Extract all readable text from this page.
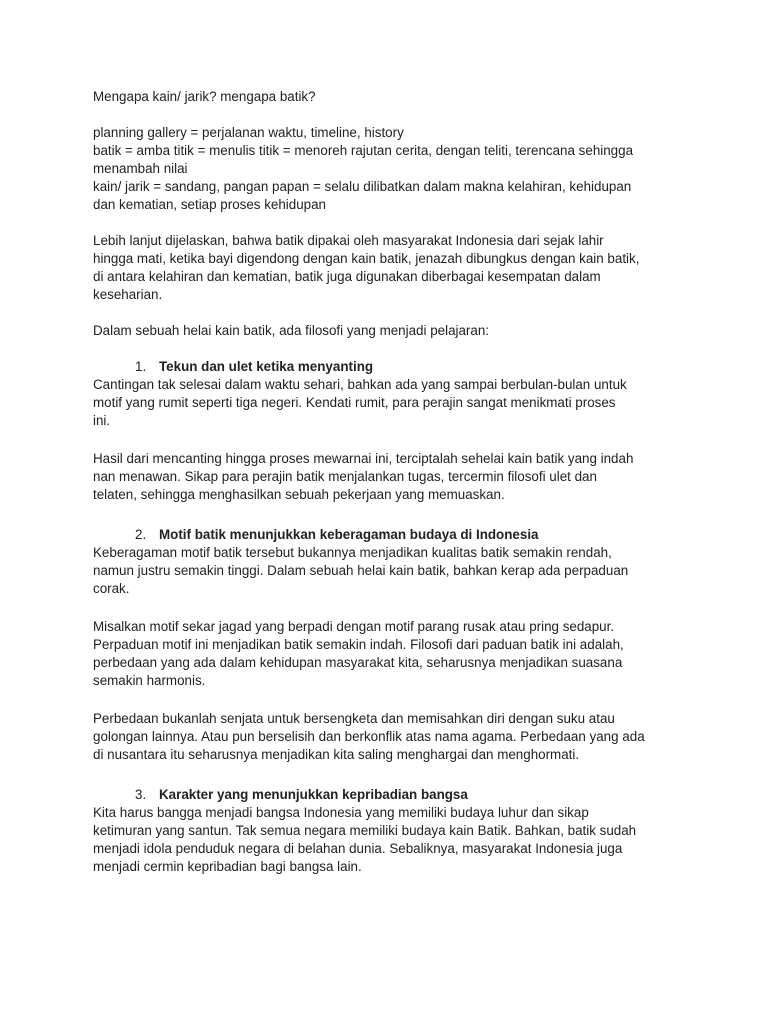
Mengapa kain/ jarik? mengapa batik?

planning gallery = perjalanan waktu, timeline, history
batik = amba titik = menulis titik = menoreh rajutan cerita, dengan teliti, terencana sehingga
menambah nilai
kain/ jarik = sandang, pangan papan = selalu dilibatkan dalam makna kelahiran, kehidupan
dan kematian, setiap proses kehidupan

Lebih lanjut dijelaskan, bahwa batik dipakai oleh masyarakat Indonesia dari sejak lahir
hingga mati, ketika bayi digendong dengan kain batik, jenazah dibungkus dengan kain batik,
di antara kelahiran dan kematian, batik juga digunakan diberbagai kesempatan dalam
keseharian.

Dalam sebuah helai kain batik, ada filosofi yang menjadi pelajaran:

1. Tekun dan ulet ketika menyanting

Cantingan tak selesai dalam waktu sehari, bahkan ada yang sampai berbulan-bulan untuk
motif yang rumit seperti tiga negeri. Kendati rumit, para perajin sangat menikmati proses
ini.

Hasil dari mencanting hingga proses mewarnai ini, terciptalah sehelai kain batik yang indah
nan menawan. Sikap para perajin batik menjalankan tugas, tercermin filosofi ulet dan
telaten, sehingga menghasilkan sebuah pekerjaan yang memuaskan.

2. Motif batik menunjukkan keberagaman budaya di Indonesia

Keberagaman motif batik tersebut bukannya menjadikan kualitas batik semakin rendah,
namun justru semakin tinggi. Dalam sebuah helai kain batik, bahkan kerap ada perpaduan
corak.

Misalkan motif sekar jagad yang berpadi dengan motif parang rusak atau pring sedapur.
Perpaduan motif ini menjadikan batik semakin indah. Filosofi dari paduan batik ini adalah,
perbedaan yang ada dalam kehidupan masyarakat kita, seharusnya menjadikan suasana
semakin harmonis.

Perbedaan bukanlah senjata untuk bersengketa dan memisahkan diri dengan suku atau
golongan lainnya. Atau pun berselisih dan berkonflik atas nama agama. Perbedaan yang ada
di nusantara itu seharusnya menjadikan kita saling menghargai dan menghormati.

3. Karakter yang menunjukkan kepribadian bangsa

Kita harus bangga menjadi bangsa Indonesia yang memiliki budaya luhur dan sikap
ketimuran yang santun. Tak semua negara memiliki budaya kain Batik. Bahkan, batik sudah
menjadi idola penduduk negara di belahan dunia. Sebaliknya, masyarakat Indonesia juga
menjadi cermin kepribadian bagi bangsa lain.
